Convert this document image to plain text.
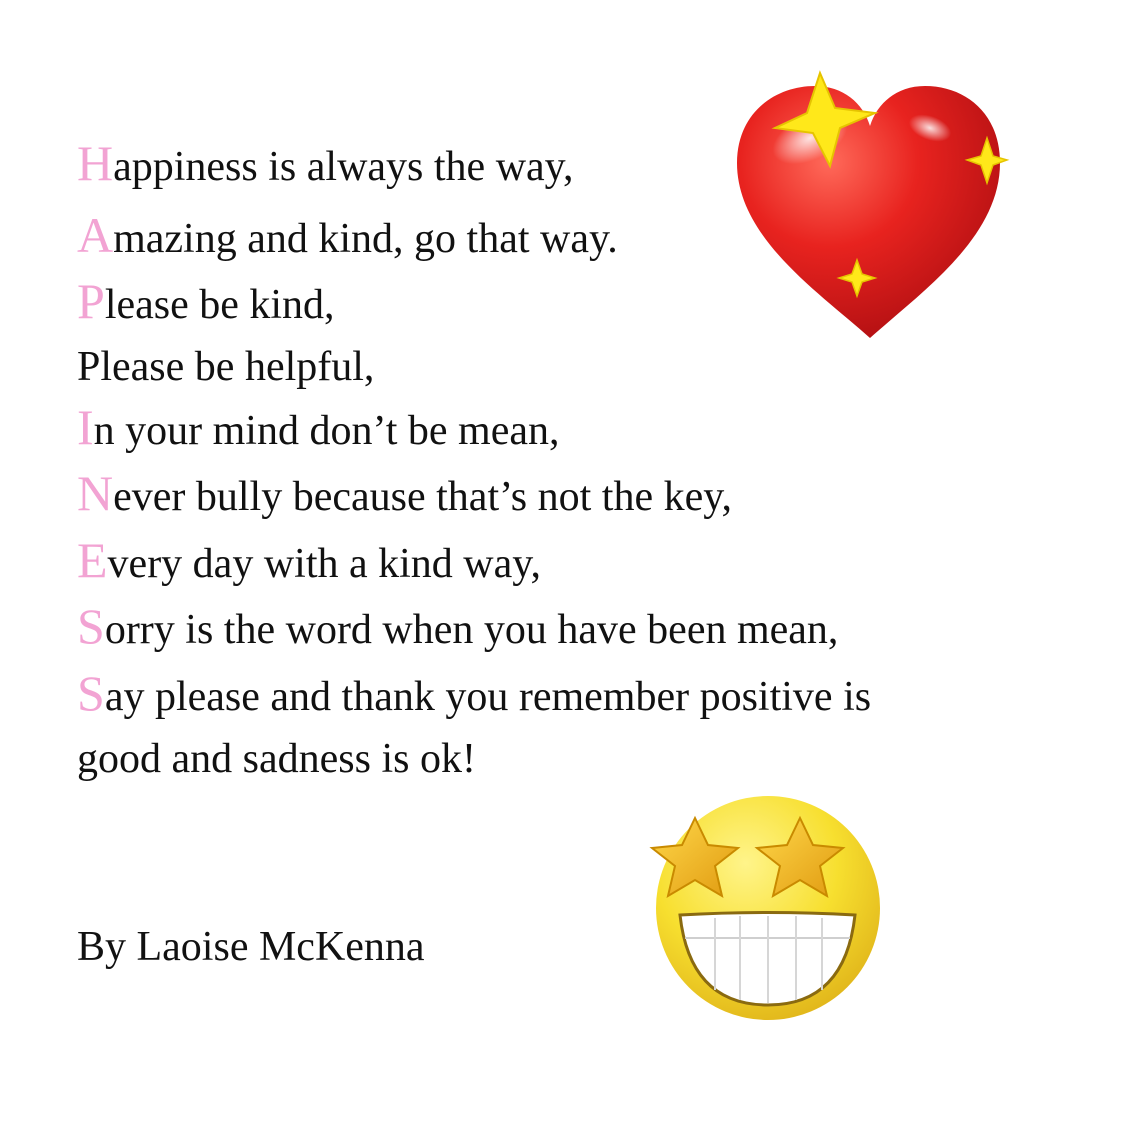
Happiness is always the way,
Amazing and kind, go that way.
Please be kind,
Please be helpful,
In your mind don’t be mean,
Never bully because that’s not the key,
Every day with a kind way,
Sorry is the word when you have been mean,
Say please and thank you remember positive is
good and sadness is ok!
By Laoise McKenna
